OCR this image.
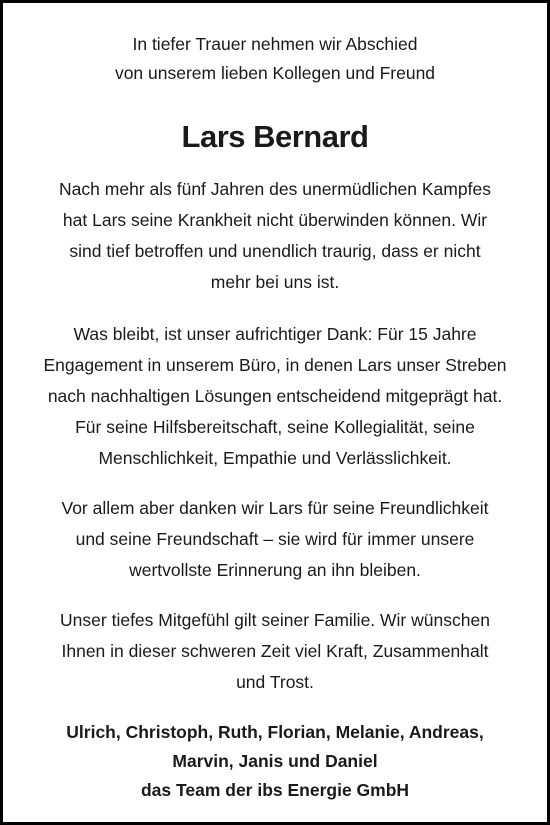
In tiefer Trauer nehmen wir Abschied
von unserem lieben Kollegen und Freund

Lars Bernard

Nach mehr als fünf Jahren des unermüdlichen Kampfes
hat Lars seine Krankheit nicht überwinden können. Wir
sind tief betroffen und unendlich traurig, dass er nicht
mehr bei uns ist.

Was bleibt, ist unser aufrichtiger Dank: Für 15 Jahre
Engagement in unserem Büro, in denen Lars unser Streben
nach nachhaltigen Lösungen entscheidend mitgeprägt hat.
Für seine Hilfsbereitschaft, seine Kollegialität, seine
Menschlichkeit, Empathie und Verlässlichkeit.

Vor allem aber danken wir Lars für seine Freundlichkeit
und seine Freundschaft – sie wird für immer unsere
wertvollste Erinnerung an ihn bleiben.

Unser tiefes Mitgefühl gilt seiner Familie. Wir wünschen
Ihnen in dieser schweren Zeit viel Kraft, Zusammenhalt
und Trost.

Ulrich, Christoph, Ruth, Florian, Melanie, Andreas,
Marvin, Janis und Daniel
das Team der ibs Energie GmbH
